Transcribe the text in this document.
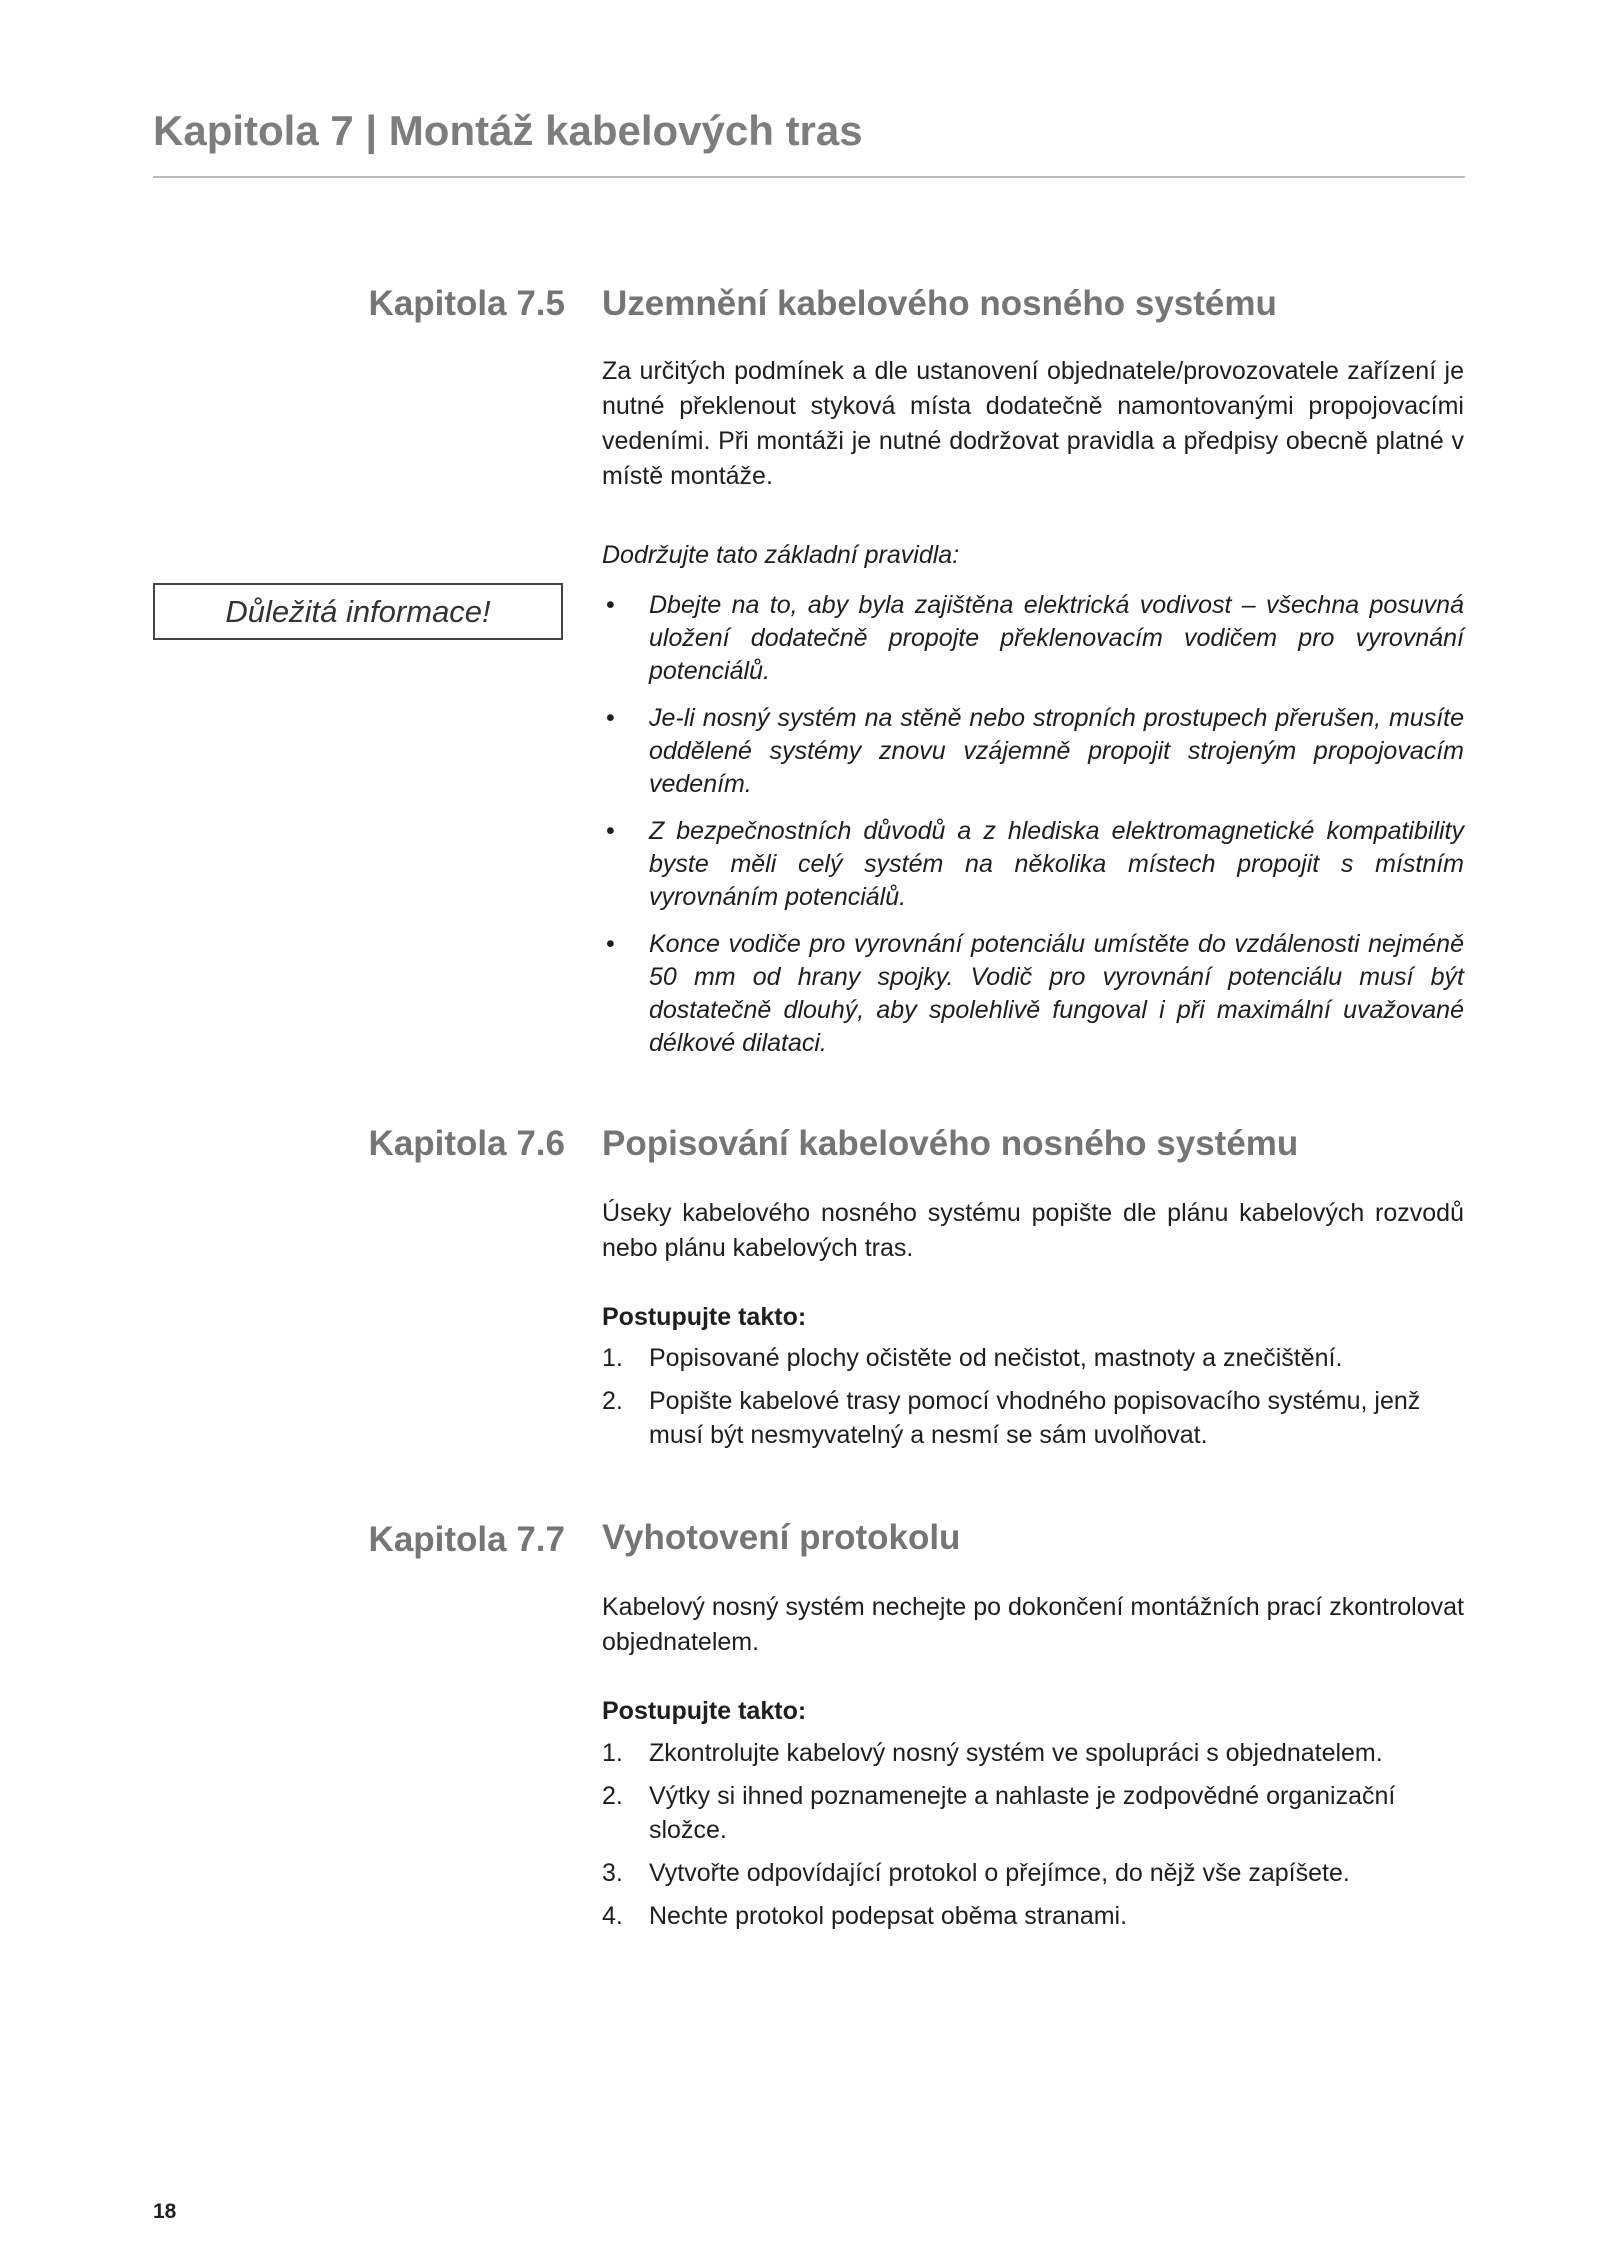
Kapitola 7 | Montáž kabelových tras
Kapitola 7.5 Uzemnění kabelového nosného systému

Za určitých podmínek a dle ustanovení objednatele/provozovatele zařízení je nutné překlenout styková místa dodatečně namontovanými propojovacími vedeními. Při montáži je nutné dodržovat pravidla a předpisy obecně platné v místě montáže.

Dodržujte tato základní pravidla:

Důležitá informace!	• Dbejte na to, aby byla zajištěna elektrická vodivost – všechna posuvná uložení dodatečně propojte překlenovacím vodičem pro vyrovnání potenciálů.
• Je-li nosný systém na stěně nebo stropních prostupech přerušen, musíte oddělené systémy znovu vzájemně propojit strojeným propojovacím vedením.
• Z bezpečnostních důvodů a z hlediska elektromagnetické kompatibility byste měli celý systém na několika místech propojit s místním vyrovnáním potenciálů.
• Konce vodiče pro vyrovnání potenciálu umístěte do vzdálenosti nejméně 50 mm od hrany spojky. Vodič pro vyrovnání potenciálu musí být dostatečně dlouhý, aby spolehlivě fungoval i při maximální uvažované délkové dilataci.
Kapitola 7.6 Popisování kabelového nosného systému

Úseky kabelového nosného systému popište dle plánu kabelových rozvodů nebo plánu kabelových tras.

Postupujte takto:
1. Popisované plochy očistěte od nečistot, mastnoty a znečištění.
2. Popište kabelové trasy pomocí vhodného popisovacího systému, jenž musí být nesmyvatelný a nesmí se sám uvolňovat.
Kapitola 7.7 Vyhotovení protokolu

Kabelový nosný systém nechejte po dokončení montážních prací zkontrolovat objednatelem.

Postupujte takto:
1. Zkontrolujte kabelový nosný systém ve spolupráci s objednatelem.
2. Výtky si ihned poznamenejte a nahlaste je zodpovědné organizační složce.
3. Vytvořte odpovídající protokol o přejímce, do nějž vše zapíšete.
4. Nechte protokol podepsat oběma stranami.
18
